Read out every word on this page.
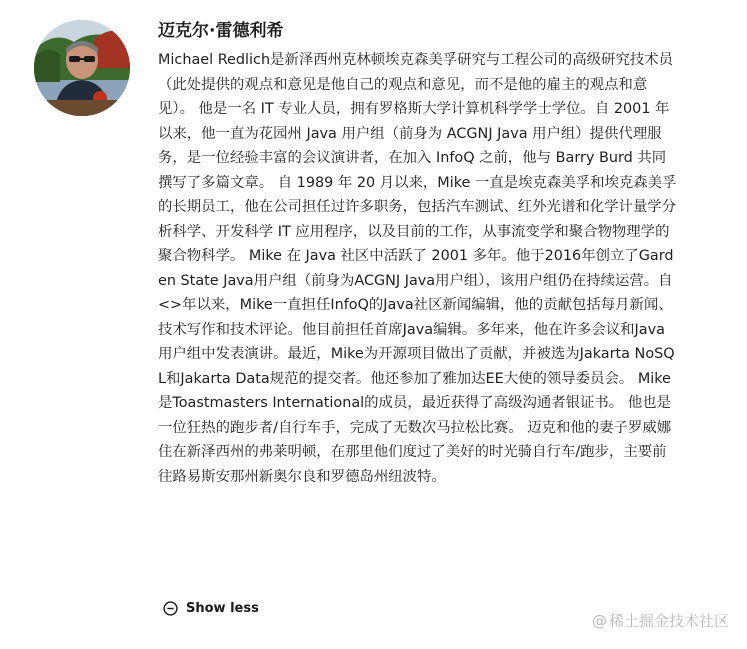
迈克尔·雷德利希

Michael Redlich是新泽西州克林顿埃克森美孚研究与工程公司的高级研究技术员（此处提供的观点和意见是他自己的观点和意见，而不是他的雇主的观点和意见）。 他是一名 IT 专业人员，拥有罗格斯大学计算机科学学士学位。自 2001 年以来，他一直为花园州 Java 用户组（前身为 ACGNJ Java 用户组）提供代理服务，是一位经验丰富的会议演讲者，在加入 InfoQ 之前，他与 Barry Burd 共同撰写了多篇文章。 自 1989 年 20 月以来，Mike 一直是埃克森美孚和埃克森美孚的长期员工，他在公司担任过许多职务，包括汽车测试、红外光谱和化学计量学分析科学、开发科学 IT 应用程序，以及目前的工作，从事流变学和聚合物物理学的聚合物科学。 Mike 在 Java 社区中活跃了 2001 多年。他于2016年创立了Garden State Java用户组（前身为ACGNJ Java用户组），该用户组仍在持续运营。自<>年以来，Mike一直担任InfoQ的Java社区新闻编辑，他的贡献包括每月新闻、技术写作和技术评论。他目前担任首席Java编辑。多年来，他在许多会议和Java用户组中发表演讲。最近，Mike为开源项目做出了贡献，并被选为Jakarta NoSQL和Jakarta Data规范的提交者。他还参加了雅加达EE大使的领导委员会。 Mike是Toastmasters International的成员，最近获得了高级沟通者银证书。 他也是一位狂热的跑步者/自行车手，完成了无数次马拉松比赛。 迈克和他的妻子罗威娜住在新泽西州的弗莱明顿，在那里他们度过了美好的时光骑自行车/跑步，主要前往路易斯安那州新奥尔良和罗德岛州纽波特。

Show less
@ 稀土掘金技术社区
